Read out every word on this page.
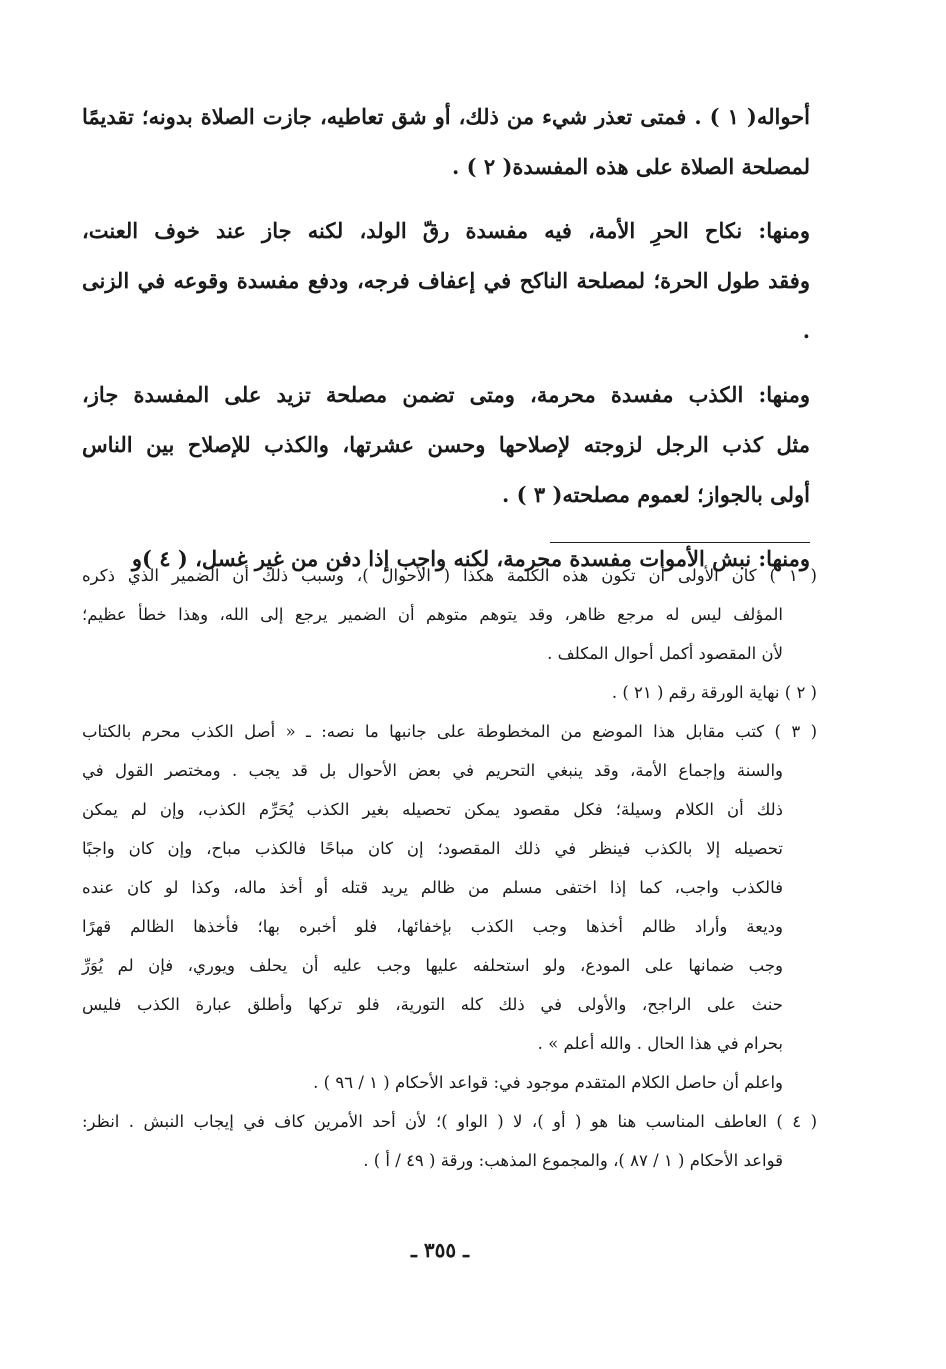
أحواله( ١ ) . فمتى تعذر شيء من ذلك، أو شق تعاطيه، جازت الصلاة بدونه؛ تقديمًا
لمصلحة الصلاة على هذه المفسدة( ٢ ) .
ومنها: نكاح الحرِ الأمة، فيه مفسدة رقّ الولد، لكنه جاز عند خوف العنت،
وفقد طول الحرة؛ لمصلحة الناكح في إعفاف فرجه، ودفع مفسدة وقوعه في الزنى .
ومنها: الكذب مفسدة محرمة، ومتى تضمن مصلحة تزيد على المفسدة جاز،
مثل كذب الرجل لزوجته لإصلاحها وحسن عشرتها، والكذب للإصلاح بين الناس
أولى بالجواز؛ لعموم مصلحته( ٣ ) .
ومنها: نبش الأموات مفسدة محرمة، لكنه واجب إذا دفن من غير غسل، ( ٤ )و
( ١ ) كان الأولى أن تكون هذه الكلمة هكذا ( الأحوال )، وسبب ذلك أن الضمير الذي ذكره
المؤلف ليس له مرجع ظاهر، وقد يتوهم متوهم أن الضمير يرجع إلى الله، وهذا خطأ عظيم؛
لأن المقصود أكمل أحوال المكلف .
( ٢ ) نهاية الورقة رقم ( ٢١ ) .
( ٣ ) كتب مقابل هذا الموضع من المخطوطة على جانبها ما نصه: ـ « أصل الكذب محرم بالكتاب
والسنة وإجماع الأمة، وقد ينبغي التحريم في بعض الأحوال بل قد يجب . ومختصر القول في
ذلك أن الكلام وسيلة؛ فكل مقصود يمكن تحصيله بغير الكذب يُحَرِّم الكذب، وإن لم يمكن
تحصيله إلا بالكذب فينظر في ذلك المقصود؛ إن كان مباحًا فالكذب مباح، وإن كان واجبًا
فالكذب واجب، كما إذا اختفى مسلم من ظالم يريد قتله أو أخذ ماله، وكذا لو كان عنده
وديعة وأراد ظالم أخذها وجب الكذب بإخفائها، فلو أخبره بها؛ فأخذها الظالم قهرًا
وجب ضمانها على المودع، ولو استحلفه عليها وجب عليه أن يحلف ويوري، فإن لم يُوَرِّ
حنث على الراجح، والأولى في ذلك كله التورية، فلو تركها وأطلق عبارة الكذب فليس
بحرام في هذا الحال . والله أعلم » .
واعلم أن حاصل الكلام المتقدم موجود في: قواعد الأحكام ( ١ / ٩٦ ) .
( ٤ ) العاطف المناسب هنا هو ( أو )، لا ( الواو )؛ لأن أحد الأمرين كاف في إيجاب النبش . انظر:
قواعد الأحكام ( ١ / ٨٧ )، والمجموع المذهب: ورقة ( ٤٩ / أ ) .
ـ ٣٥٥ ـ
